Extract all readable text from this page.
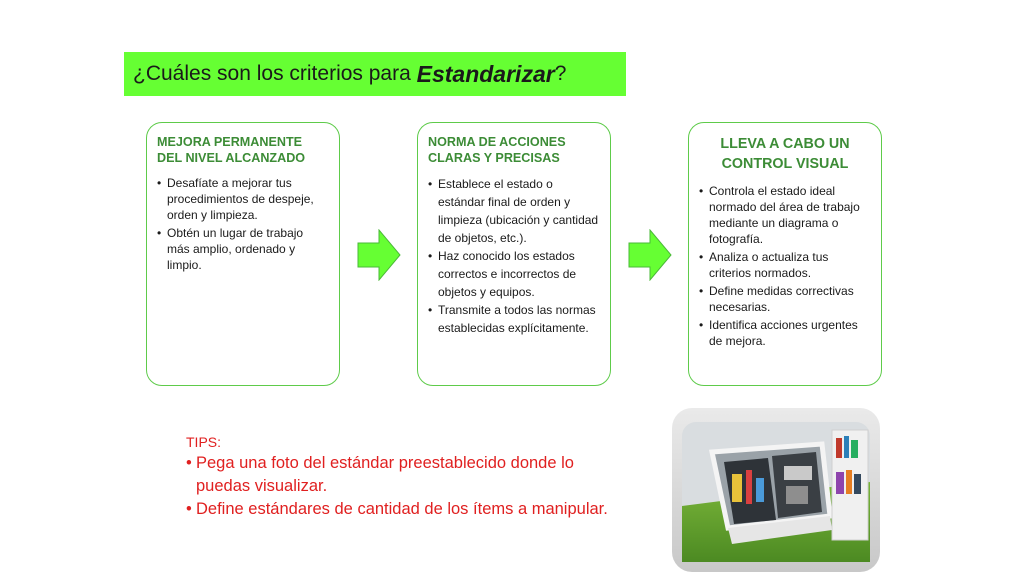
¿Cuáles son los criterios para
Estandarizar ?
MEJORA PERMANENTE DEL NIVEL ALCANZADO
• Desafíate a mejorar tus procedimientos de despeje, orden y limpieza.
• Obtén un lugar de trabajo más amplio, ordenado y limpio.
NORMA DE ACCIONES CLARAS Y PRECISAS
• Establece el estado o estándar final de orden y limpieza (ubicación y cantidad de objetos, etc.).
• Haz conocido los estados correctos e incorrectos de objetos y equipos.
• Transmite a todos las normas establecidas explícitamente.
LLEVA A CABO UN CONTROL VISUAL
• Controla el estado ideal normado del área de trabajo mediante un diagrama o fotografía.
• Analiza o actualiza tus criterios normados.
• Define medidas correctivas necesarias.
• Identifica acciones urgentes de mejora.
TIPS:
• Pega una foto del estándar preestablecido donde lo puedas visualizar.
• Define estándares de cantidad de los ítems a manipular.
